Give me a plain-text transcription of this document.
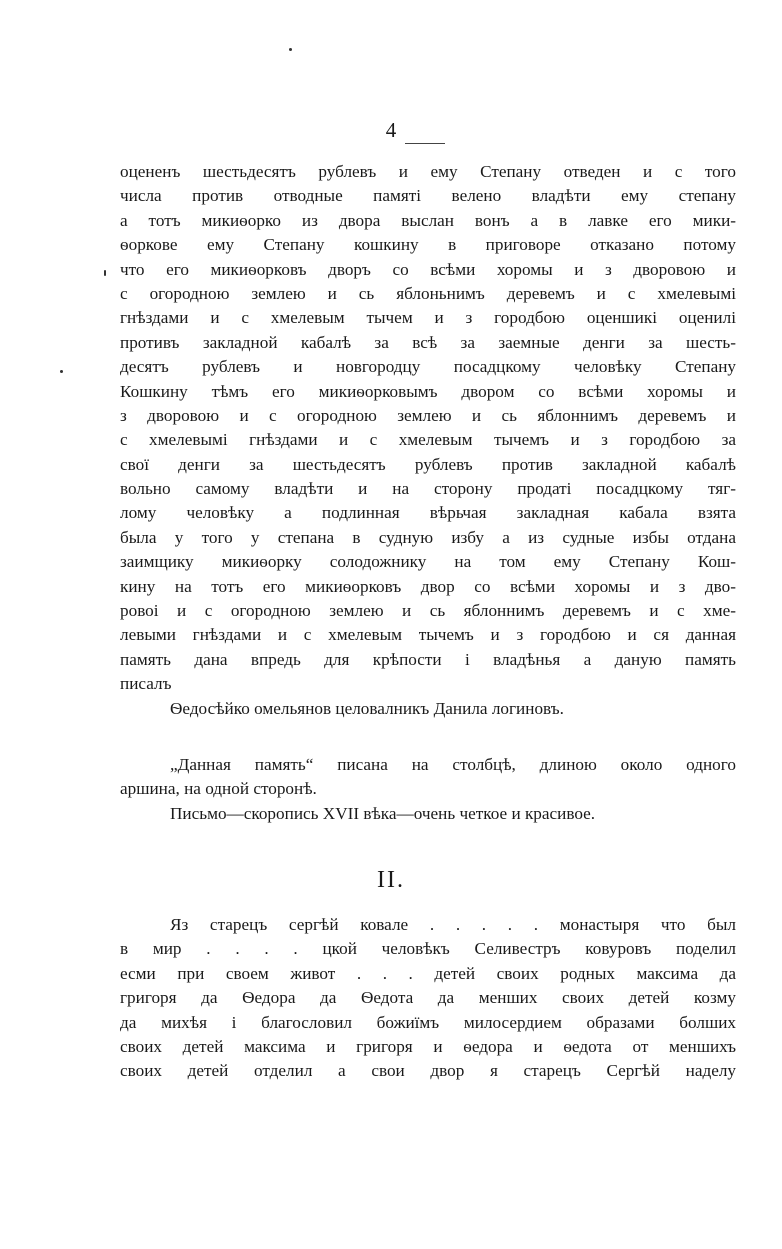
4
оцененъ шестьдесятъ рублевъ и ему Степану отведен и с того
числа против отводные памяті велено владѣти ему степану
а тотъ микиѳорко из двора выслан вонъ а в лавке его мики-
ѳоркове ему Степану кошкину в приговоре отказано потому
что его микиѳорковъ дворъ со всѣми хоромы и з дворовою и
с огородною землею и сь яблоньнимъ деревемъ и с хмелевымі
гнѣздами и с хмелевым тычем и з городбою оценшикі оценилі
противъ закладной кабалѣ за всѣ за заемные денги за шесть-
десятъ рублевъ и новгородцу посадцкому человѣку Степану
Кошкину тѣмъ его микиѳорковымъ двором со всѣми хоромы и
з дворовою и с огородною землею и сь яблоннимъ деревемъ и
с хмелевымі гнѣздами и с хмелевым тычемъ и з городбою за
свої денги за шестьдесятъ рублевъ против закладной кабалѣ
вольно самому владѣти и на сторону продаті посадцкому тяг-
лому человѣку а подлинная вѣрьчая закладная кабала взята
была у того у степана в судную избу а из судные избы отдана
заимщику микиѳорку солодожнику на том ему Степану Кош-
кину на тотъ его микиѳорковъ двор со всѣми хоромы и з дво-
ровоі и с огородною землею и сь яблоннимъ деревемъ и с хме-
левыми гнѣздами и с хмелевым тычемъ и з городбою и ся данная
память дана впредь для крѣпости і владѣнья а даную память
писалъ
Ѳедосѣйко омельянов целовалникъ Данила логиновъ.
„Данная память“ писана на столбцѣ, длиною около одного
аршина, на одной сторонѣ.
Письмо—скоропись XVII вѣка—очень четкое и красивое.
II.
Яз старецъ сергѣй ковале . . . . . монастыря что был
в мир . . . . цкой человѣкъ Селивестръ ковуровъ поделил
есми при своем живот . . . детей своих родных максима да
григоря да Ѳедора да Ѳедота да менших своих детей козму
да михѣя і благословил божиїмъ милосердием образами болших
своих детей максима и григоря и ѳедора и ѳедота от меншихъ
своих детей отделил а свои двор я старецъ Сергѣй наделу
